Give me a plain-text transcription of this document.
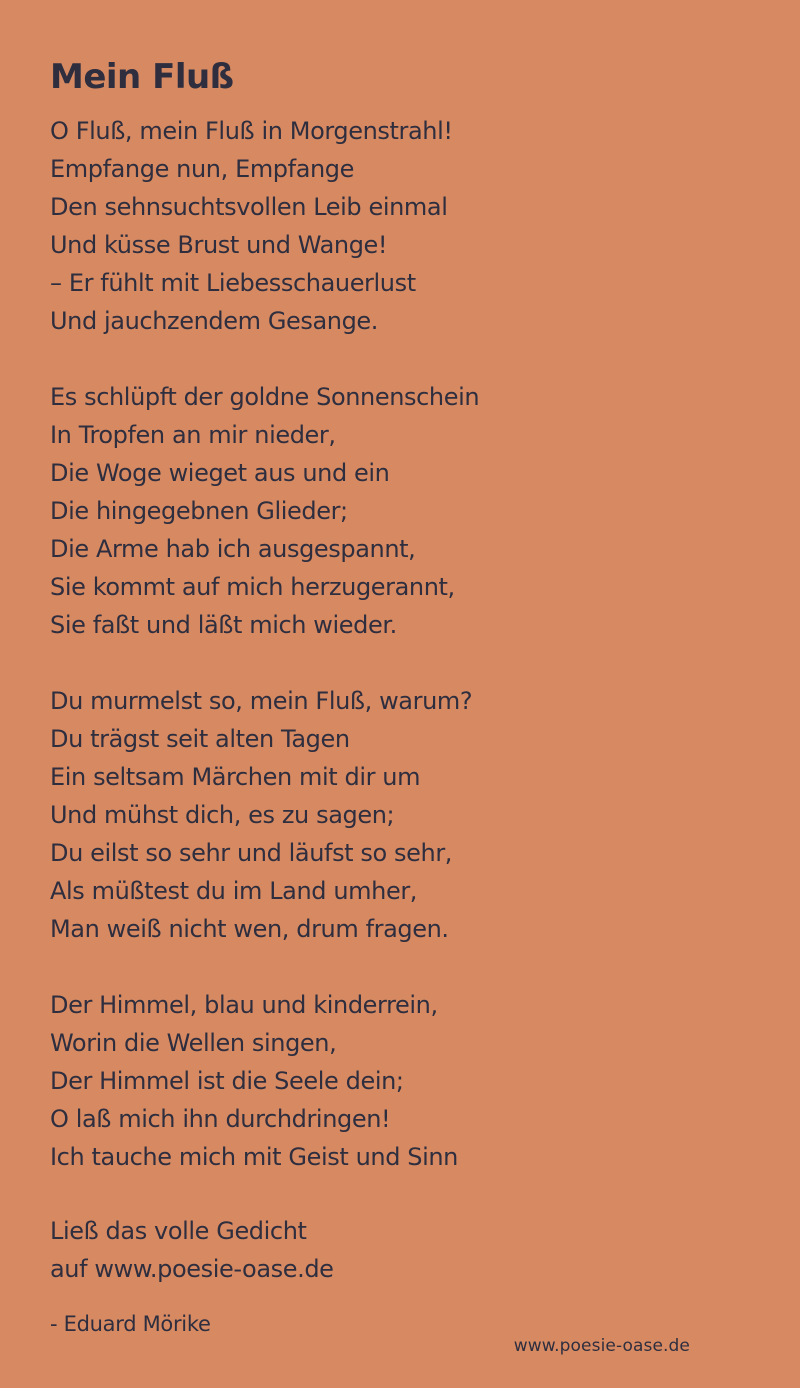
Mein Fluß
O Fluß, mein Fluß in Morgenstrahl!
Empfange nun, Empfange
Den sehnsuchtsvollen Leib einmal
Und küsse Brust und Wange!
– Er fühlt mit Liebesschauerlust
Und jauchzendem Gesange.
Es schlüpft der goldne Sonnenschein
In Tropfen an mir nieder,
Die Woge wieget aus und ein
Die hingegebnen Glieder;
Die Arme hab ich ausgespannt,
Sie kommt auf mich herzugerannt,
Sie faßt und läßt mich wieder.
Du murmelst so, mein Fluß, warum?
Du trägst seit alten Tagen
Ein seltsam Märchen mit dir um
Und mühst dich, es zu sagen;
Du eilst so sehr und läufst so sehr,
Als müßtest du im Land umher,
Man weiß nicht wen, drum fragen.
Der Himmel, blau und kinderrein,
Worin die Wellen singen,
Der Himmel ist die Seele dein;
O laß mich ihn durchdringen!
Ich tauche mich mit Geist und Sinn
Ließ das volle Gedicht
auf www.poesie-oase.de
- Eduard Mörike
www.poesie-oase.de
